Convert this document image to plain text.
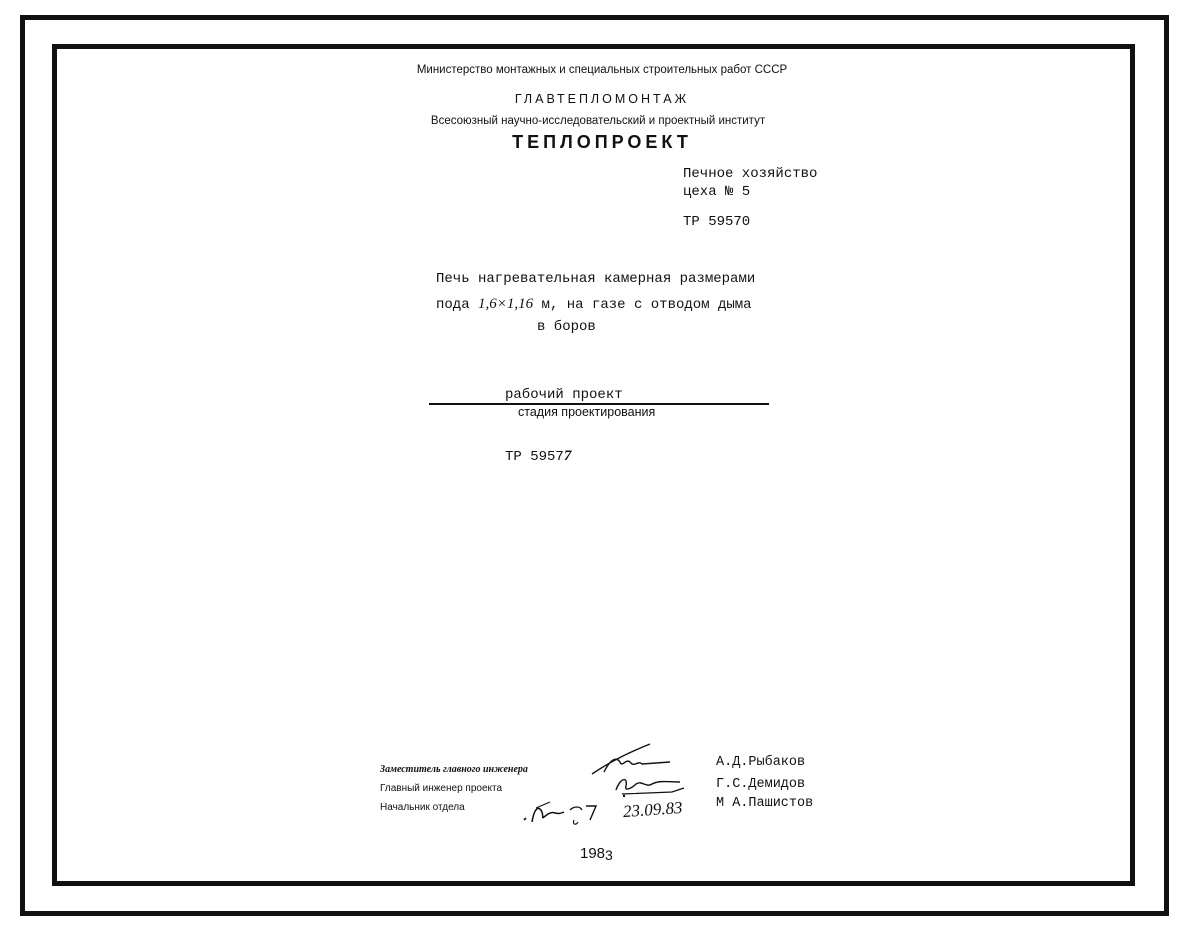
Министерство монтажных и специальных строительных работ СССР
ГЛАВТЕПЛОМОНТАЖ
Всесоюзный научно-исследовательский и проектный институт
ТЕПЛОПРОЕКТ
Печное хозяйство
цеха № 5
ТР 59570
Печь нагревательная камерная размерами
пода 1,6×1,16 м, на газе с отводом дыма
в боров
рабочий проект
стадия проектирования
ТР 59577
Заместитель главного инженера
Главный инженер проекта
Начальник отдела	23.09.83
А.Д.Рыбаков
Г.С.Демидов
М А.Пашистов
1983
